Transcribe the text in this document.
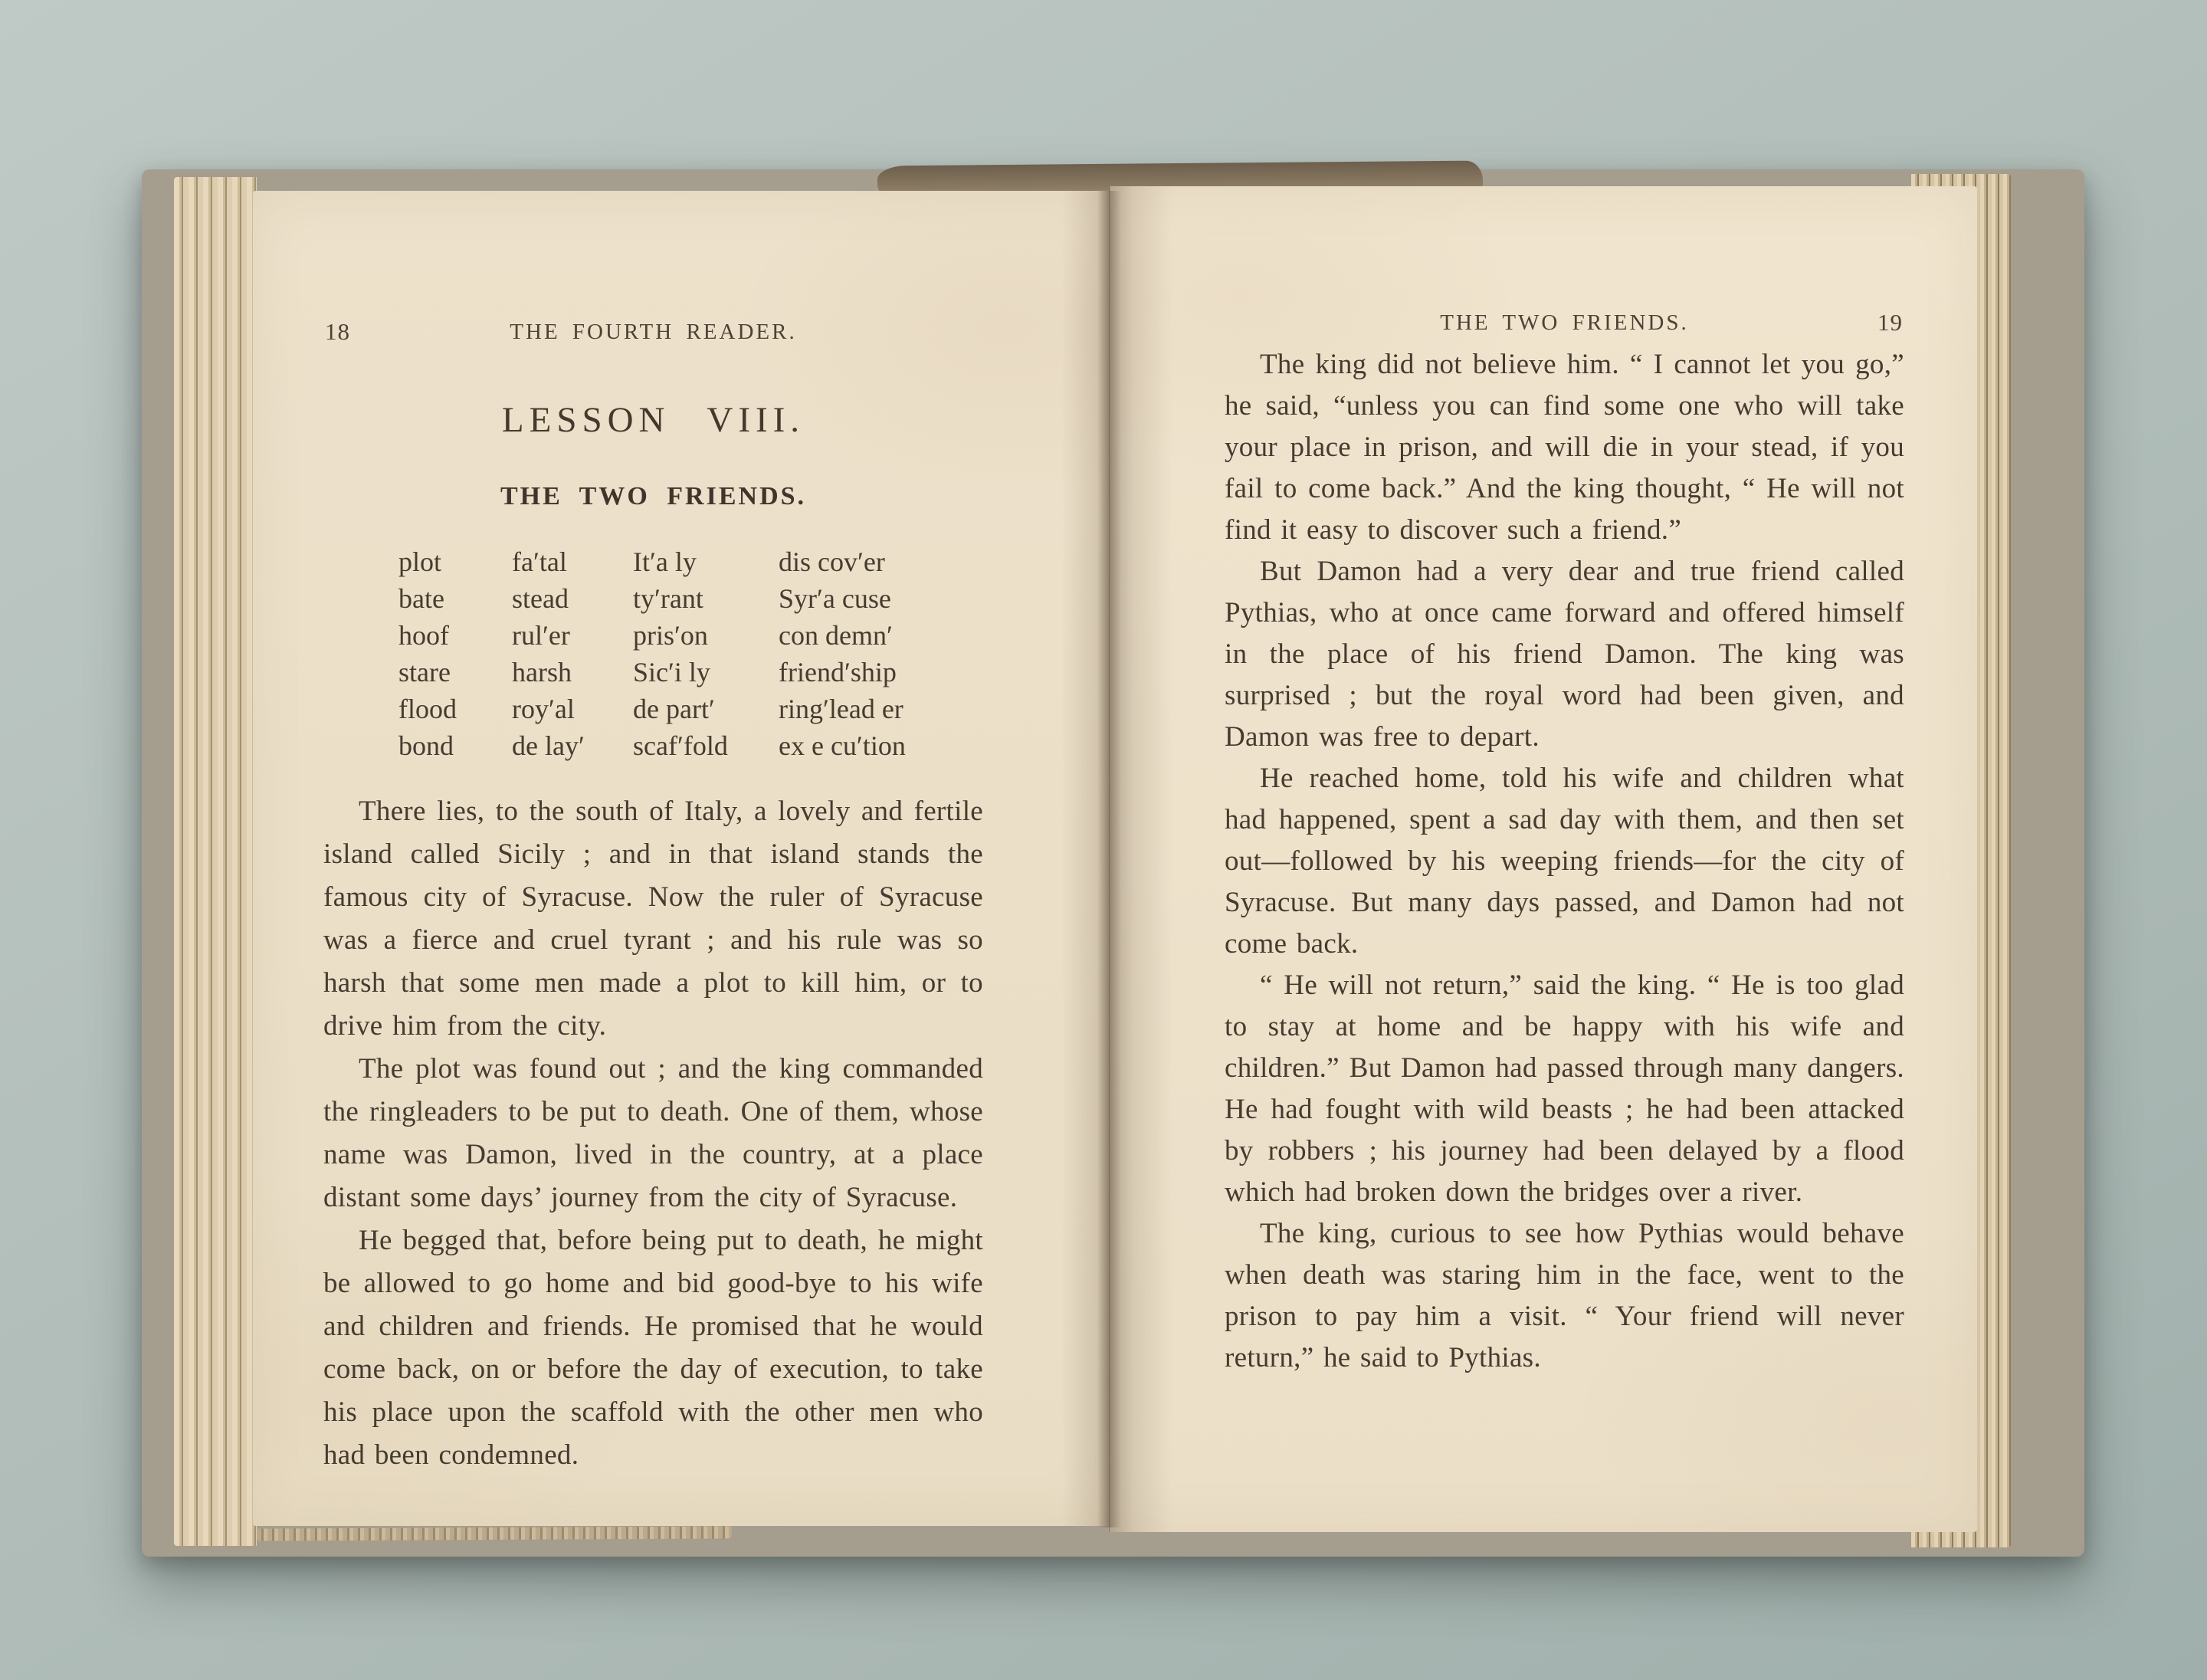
18	THE FOURTH READER.
LESSON VIII.
THE TWO FRIENDS.
plot	fa′tal	It′a ly	dis cov′er
bate	stead	ty′rant	Syr′a cuse
hoof	rul′er	pris′on	con demn′
stare	harsh	Sic′i ly	friend′ship
flood	roy′al	de part′	ring′lead er
bond	de lay′	scaf′fold	ex e cu′tion

There lies, to the south of Italy, a lovely and fertile island called Sicily ; and in that island stands the famous city of Syracuse. Now the ruler of Syracuse was a fierce and cruel tyrant ; and his rule was so harsh that some men made a plot to kill him, or to drive him from the city.

The plot was found out ; and the king commanded the ringleaders to be put to death. One of them, whose name was Damon, lived in the country, at a place distant some days’ journey from the city of Syracuse.

He begged that, before being put to death, he might be allowed to go home and bid good-bye to his wife and children and friends. He promised that he would come back, on or before the day of execution, to take his place upon the scaffold with the other men who had been condemned.

THE TWO FRIENDS.	19

The king did not believe him. “ I cannot let you go,” he said, “unless you can find some one who will take your place in prison, and will die in your stead, if you fail to come back.” And the king thought, “ He will not find it easy to discover such a friend.”

But Damon had a very dear and true friend called Pythias, who at once came forward and offered himself in the place of his friend Damon. The king was surprised ; but the royal word had been given, and Damon was free to depart.

He reached home, told his wife and children what had happened, spent a sad day with them, and then set out—followed by his weeping friends—for the city of Syracuse. But many days passed, and Damon had not come back.

“ He will not return,” said the king. “ He is too glad to stay at home and be happy with his wife and children.” But Damon had passed through many dangers. He had fought with wild beasts ; he had been attacked by robbers ; his journey had been delayed by a flood which had broken down the bridges over a river.

The king, curious to see how Pythias would behave when death was staring him in the face, went to the prison to pay him a visit. “ Your friend will never return,” he said to Pythias.
